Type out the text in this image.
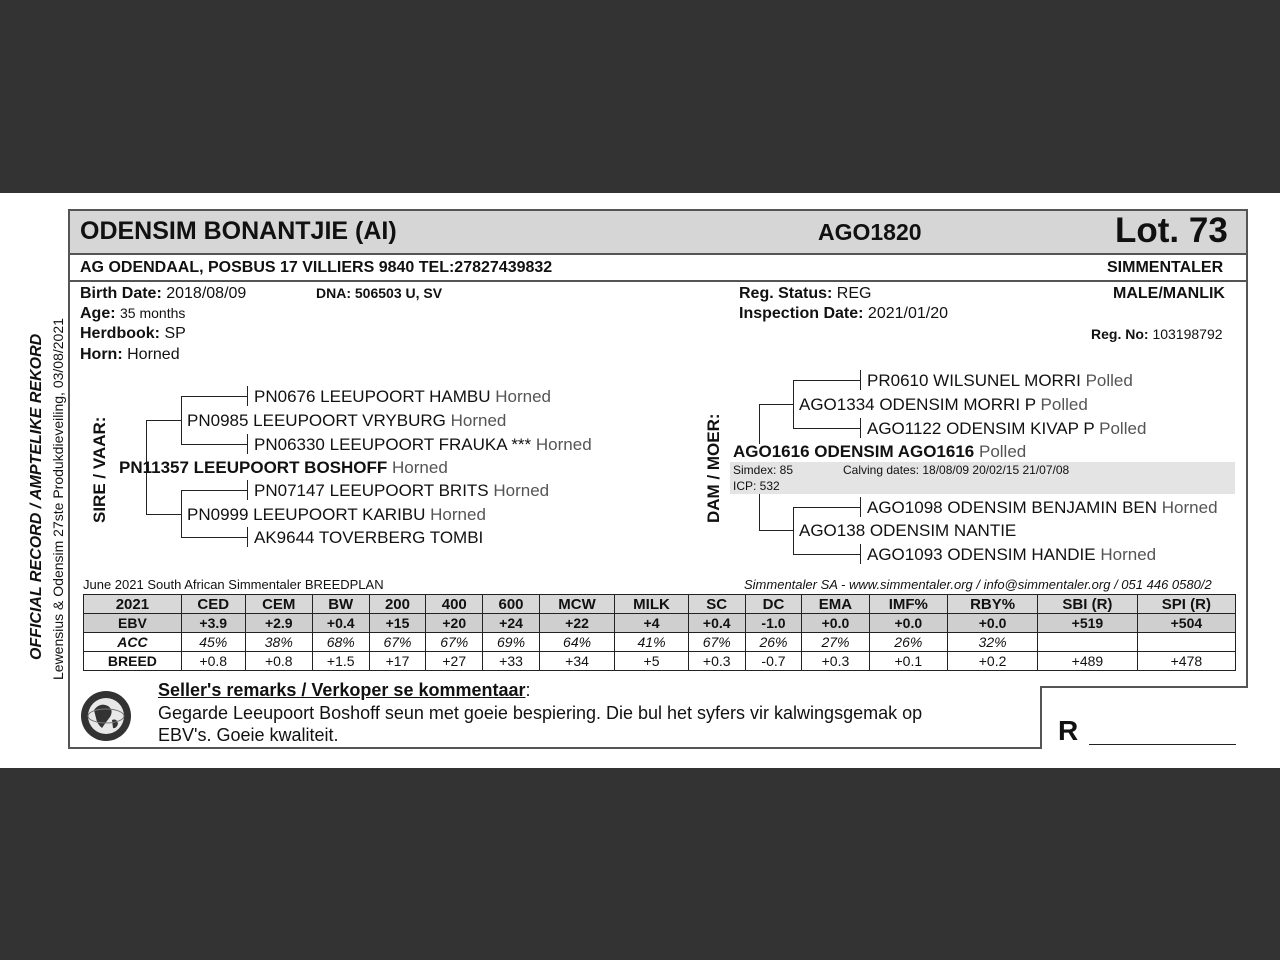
ODENSIM BONANTJIE (AI)	AGO1820	Lot. 73
AG ODENDAAL, POSBUS 17 VILLIERS 9840 TEL:27827439832	SIMMENTALER
Birth Date: 2018/08/09	DNA: 506503 U, SV
Age: 35 months
Herdbook: SP
Horn: Horned
Reg. Status: REG
Inspection Date: 2021/01/20
MALE/MANLIK
Reg. No: 103198792
OFFICIAL RECORD / AMPTELIKE REKORD Lewensius & Odensim 27ste Produkdieveiling, 03/08/2021 SIRE / VAAR:	DAM / MOER:
PN0676 LEEUPOORT HAMBU Horned
PN0985 LEEUPOORT VRYBURG Horned
PN06330 LEEUPOORT FRAUKA *** Horned
PN11357 LEEUPOORT BOSHOFF Horned
PN07147 LEEUPOORT BRITS Horned
PN0999 LEEUPOORT KARIBU Horned
AK9644 TOVERBERG TOMBI
PR0610 WILSUNEL MORRI Polled
AGO1334 ODENSIM MORRI P Polled
AGO1122 ODENSIM KIVAP P Polled
AGO1616 ODENSIM AGO1616 Polled
Simdex: 85	Calving dates: 18/08/09 20/02/15 21/07/08
ICP: 532
AGO1098 ODENSIM BENJAMIN BEN Horned
AGO138 ODENSIM NANTIE
AGO1093 ODENSIM HANDIE Horned
June 2021 South African Simmentaler BREEDPLAN	Simmentaler SA - www.simmentaler.org / info@simmentaler.org / 051 446 0580/2
2021	CED	CEM	BW	200	400	600	MCW	MILK	SC	DC	EMA	IMF%	RBY%	SBI (R)	SPI (R)
EBV	+3.9	+2.9	+0.4	+15	+20	+24	+22	+4	+0.4	-1.0	+0.0	+0.0	+0.0	+519	+504
ACC	45%	38%	68%	67%	67%	69%	64%	41%	67%	26%	27%	26%	32%		
BREED	+0.8	+0.8	+1.5	+17	+27	+33	+34	+5	+0.3	-0.7	+0.3	+0.1	+0.2	+489	+478
Seller's remarks / Verkoper se kommentaar:
Gegarde Leeupoort Boshoff seun met goeie bespiering. Die bul het syfers vir kalwingsgemak op
EBV's. Goeie kwaliteit.	R
